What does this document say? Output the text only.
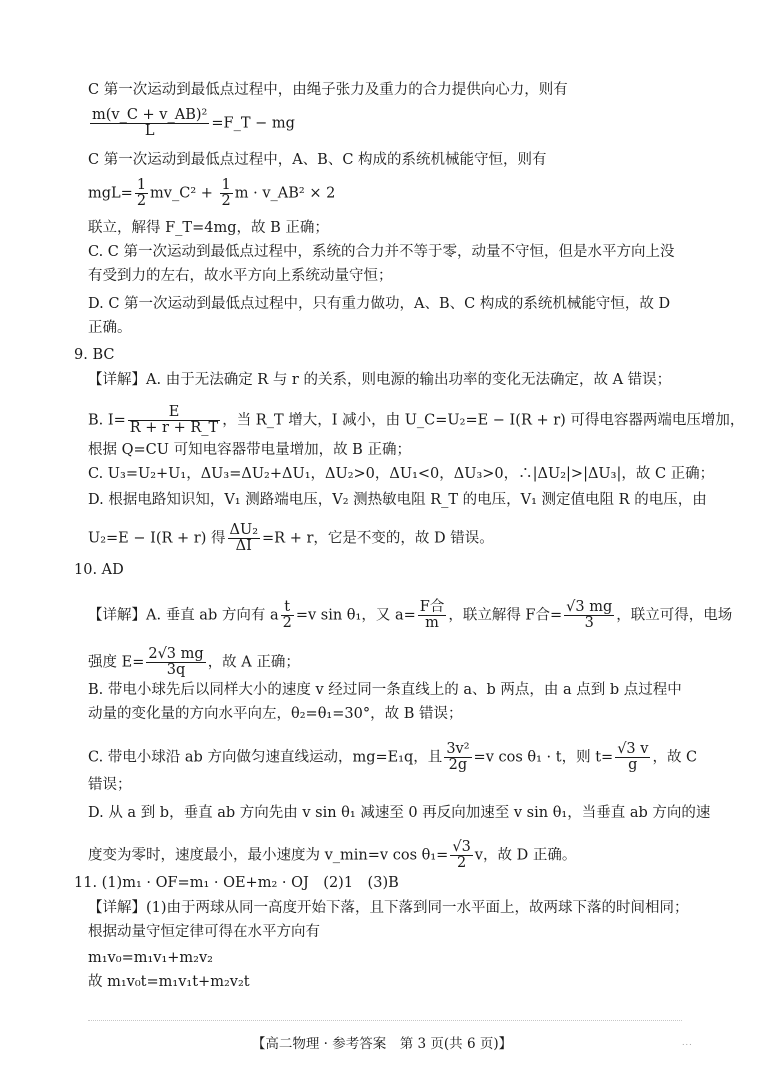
C 第一次运动到最低点过程中，由绳子张力及重力的合力提供向心力，则有
$\frac{\text{m(v\_C + v\_AB)²}}{L}$ =F_T − mg
C 第一次运动到最低点过程中，A、B、C 构成的系统机械能守恒，则有
$mgL= \frac{1}{2}$ mv_C² + $\frac{1}{2}$ m · v_AB² × 2
联立，解得 F_T=4mg，故 B 正确；
C. C 第一次运动到最低点过程中，系统的合力并不等于零，动量不守恒，但是水平方向上没
有受到力的左右，故水平方向上系统动量守恒；
D. C 第一次运动到最低点过程中，只有重力做功，A、B、C 构成的系统机械能守恒，故 D
正确。
9. BC
【详解】A. 由于无法确定 R 与 r 的关系，则电源的输出功率的变化无法确定，故 A 错误；
B. $I= \frac{E}{R + r + R\_T}$ ，当 R_T 增大，I 减小，由 U_C=U₂=E − I(R + r) 可得电容器两端电压增加，
根据 Q=CU 可知电容器带电量增加，故 B 正确；
C. U₃=U₂+U₁，ΔU₃=ΔU₂+ΔU₁，ΔU₂>0，ΔU₁<0，ΔU₃>0，∴|ΔU₂|>|ΔU₃|，故 C 正确；
D. 根据电路知识知，V₁ 测路端电压，V₂ 测热敏电阻 R_T 的电压，V₁ 测定值电阻 R 的电压，由
U₂=E − I(R + r) 得 $\frac{\text{ΔU₂}}{\Delta I} =R + r$，它是不变的，故 D 错误。
10. AD
【详解】A. 垂直 ab 方向有 a $\frac{t}{2} =v$ sin θ₁，又 $a= \frac{\text{F合}}{m}$ ，联立解得 F合= $\frac{√3 mg}{3}$ ，联立可得，电场
强度 $E= \frac{2√3 mg}{3q}$ ，故 A 正确；
B. 带电小球先后以同样大小的速度 v 经过同一条直线上的 a、b 两点，由 a 点到 b 点过程中
动量的变化量的方向水平向左，θ₂=θ₁=30°，故 B 错误；
C. 带电小球沿 ab 方向做匀速直线运动，mg=E₁q，且 $\frac{\text{3v²}}{2g} =v$ cos θ₁ · t，则 $t= \frac{√3 v}{g}$ ，故 C
错误；
D. 从 a 到 b，垂直 ab 方向先由 v sin θ₁ 减速至 0 再反向加速至 v sin θ₁，当垂直 ab 方向的速
度变为零时，速度最小，最小速度为 v_min=v $\cos \theta_1= \frac{√3}{2}$ v，故 D 正确。
11. (1)m₁ · OF=m₁ · OE+m₂ · OJ　(2)1　(3)B
【详解】(1)由于两球从同一高度开始下落，且下落到同一水平面上，故两球下落的时间相同；
根据动量守恒定律可得在水平方向有
m₁v₀=m₁v₁+m₂v₂
故 m₁v₀t=m₁v₁t+m₂v₂t
【高二物理 · 参考答案　第 3 页(共 6 页)】	...
